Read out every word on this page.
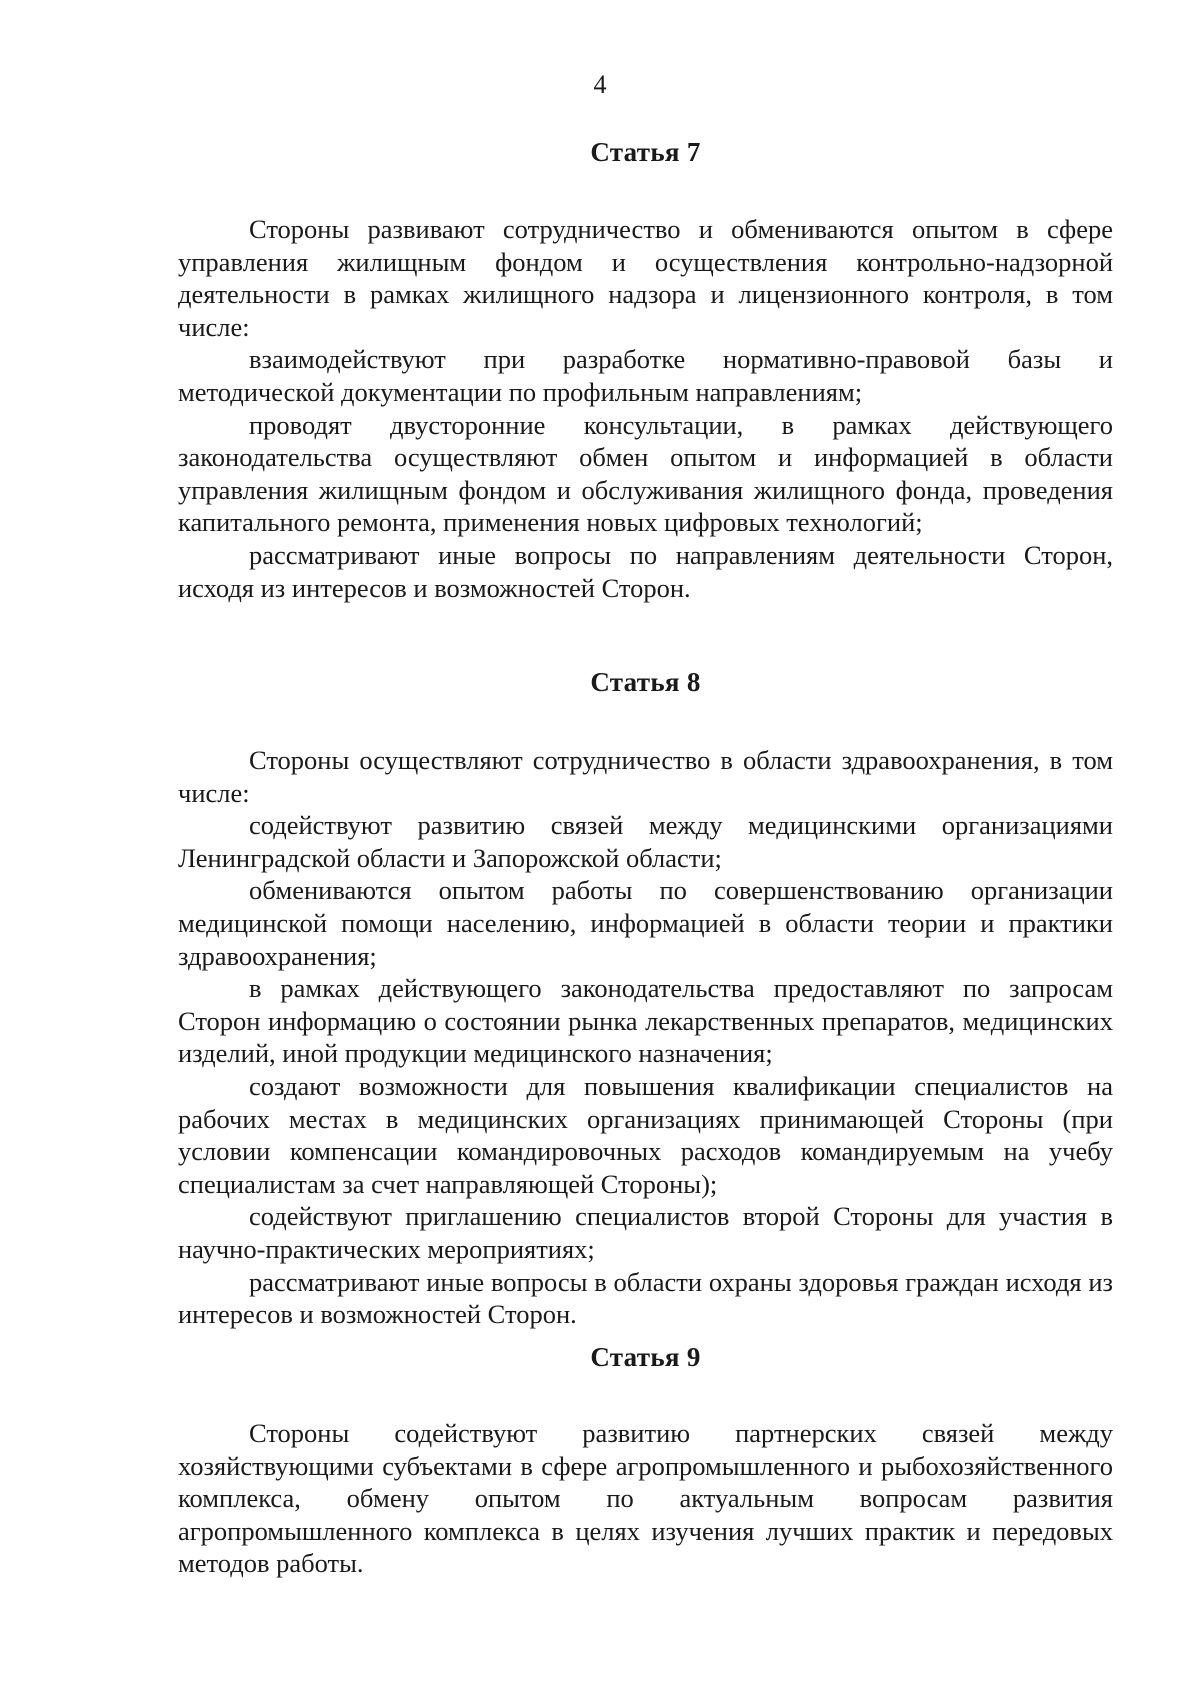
4
Статья 7

Стороны развивают сотрудничество и обмениваются опытом в сфере управления жилищным фондом и осуществления контрольно-надзорной деятельности в рамках жилищного надзора и лицензионного контроля, в том числе:

взаимодействуют при разработке нормативно-правовой базы и методической документации по профильным направлениям;

проводят двусторонние консультации, в рамках действующего законодательства осуществляют обмен опытом и информацией в области управления жилищным фондом и обслуживания жилищного фонда, проведения капитального ремонта, применения новых цифровых технологий;

рассматривают иные вопросы по направлениям деятельности Сторон, исходя из интересов и возможностей Сторон.

Статья 8

Стороны осуществляют сотрудничество в области здравоохранения, в том числе:

содействуют развитию связей между медицинскими организациями Ленинградской области и Запорожской области;

обмениваются опытом работы по совершенствованию организации медицинской помощи населению, информацией в области теории и практики здравоохранения;

в рамках действующего законодательства предоставляют по запросам Сторон информацию о состоянии рынка лекарственных препаратов, медицинских изделий, иной продукции медицинского назначения;

создают возможности для повышения квалификации специалистов на рабочих местах в медицинских организациях принимающей Стороны (при условии компенсации командировочных расходов командируемым на учебу специалистам за счет направляющей Стороны);

содействуют приглашению специалистов второй Стороны для участия в научно-практических мероприятиях;

рассматривают иные вопросы в области охраны здоровья граждан исходя из интересов и возможностей Сторон.

Статья 9

Стороны содействуют развитию партнерских связей между хозяйствующими субъектами в сфере агропромышленного и рыбохозяйственного комплекса, обмену опытом по актуальным вопросам развития агропромышленного комплекса в целях изучения лучших практик и передовых методов работы.
